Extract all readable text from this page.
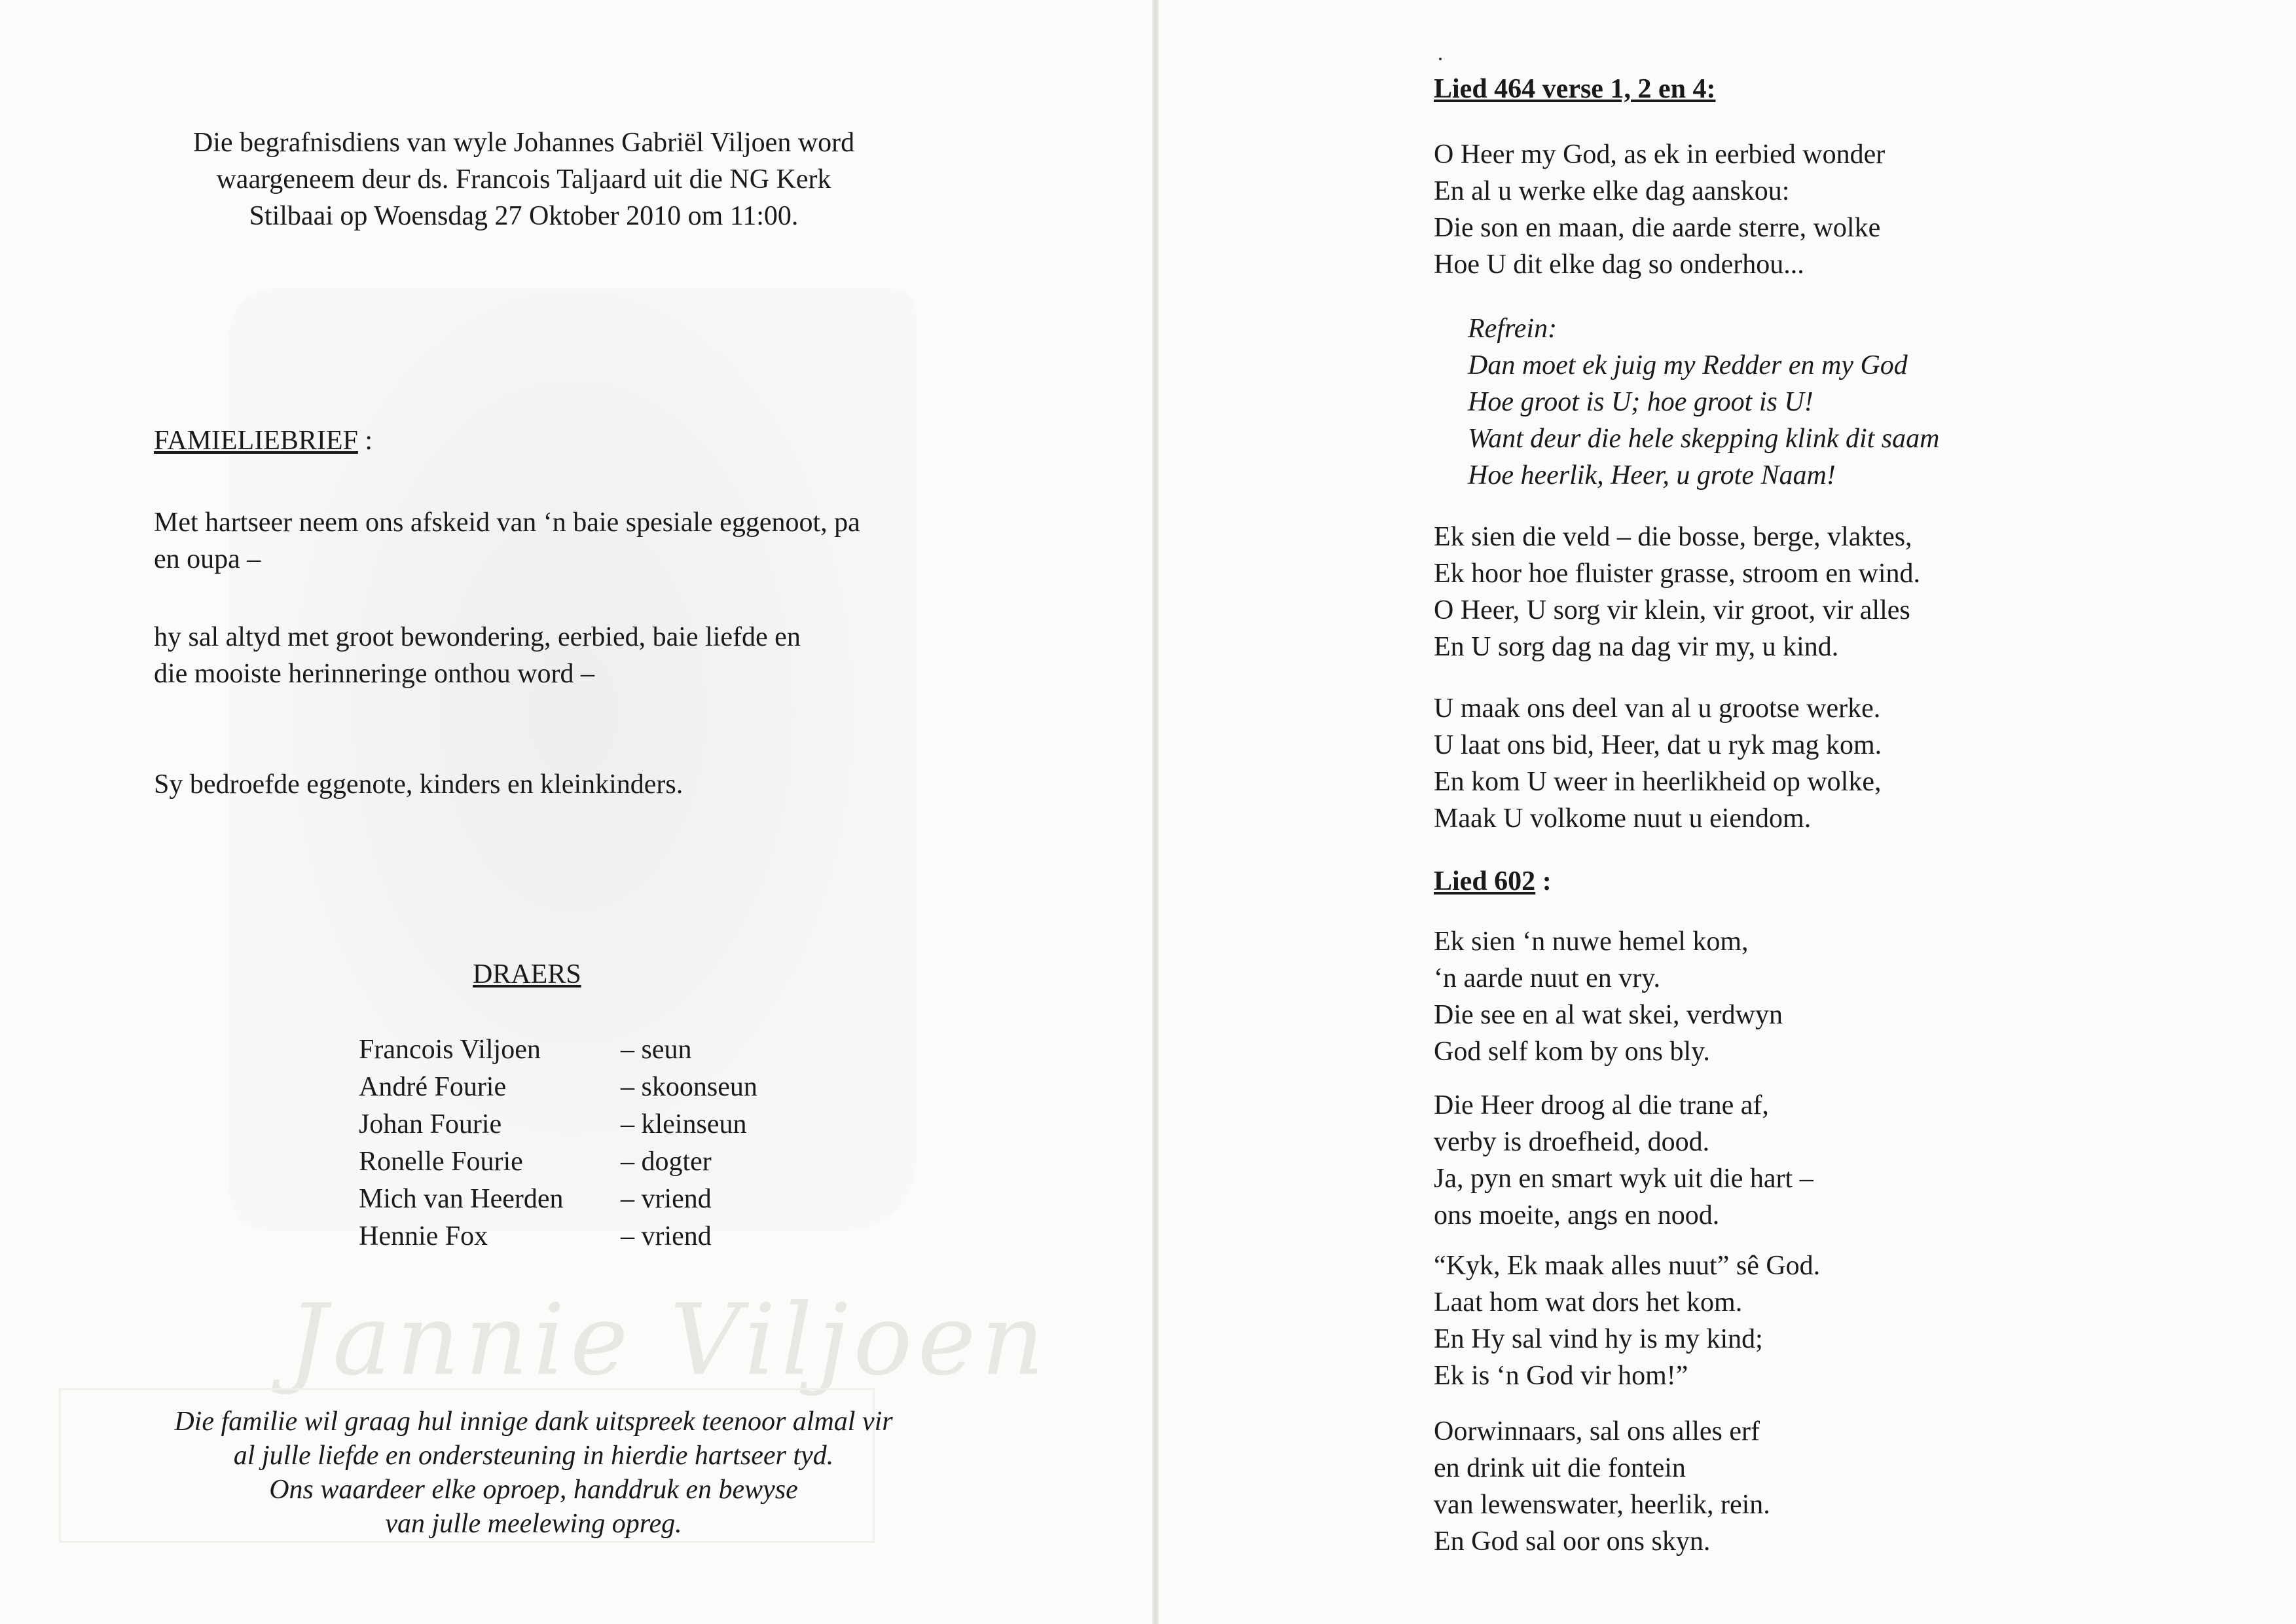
Jannie Viljoen

Die begrafnisdiens van wyle Johannes Gabriël Viljoen word
waargeneem deur ds. Francois Taljaard uit die NG Kerk
Stilbaai op Woensdag 27 Oktober 2010 om 11:00.
FAMIELIEBRIEF :
Met hartseer neem ons afskeid van ‘n baie spesiale eggenoot, pa
en oupa –
hy sal altyd met groot bewondering, eerbied, baie liefde en
die mooiste herinneringe onthou word –
Sy bedroefde eggenote, kinders en kleinkinders.
DRAERS
Francois Viljoen	– seun
André Fourie	– skoonseun
Johan Fourie	– kleinseun
Ronelle Fourie	– dogter
Mich van Heerden	– vriend
Hennie Fox	– vriend
Die familie wil graag hul innige dank uitspreek teenoor almal vir
al julle liefde en ondersteuning in hierdie hartseer tyd.
Ons waardeer elke oproep, handdruk en bewyse
van julle meelewing opreg.
Lied 464 verse 1, 2 en 4:
O Heer my God, as ek in eerbied wonder
En al u werke elke dag aanskou:
Die son en maan, die aarde sterre, wolke
Hoe U dit elke dag so onderhou...
Refrein:
Dan moet ek juig my Redder en my God
Hoe groot is U; hoe groot is U!
Want deur die hele skepping klink dit saam
Hoe heerlik, Heer, u grote Naam!
Ek sien die veld – die bosse, berge, vlaktes,
Ek hoor hoe fluister grasse, stroom en wind.
O Heer, U sorg vir klein, vir groot, vir alles
En U sorg dag na dag vir my, u kind.
U maak ons deel van al u grootse werke.
U laat ons bid, Heer, dat u ryk mag kom.
En kom U weer in heerlikheid op wolke,
Maak U volkome nuut u eiendom.
Lied 602 :
Ek sien ‘n nuwe hemel kom,
‘n aarde nuut en vry.
Die see en al wat skei, verdwyn
God self kom by ons bly.
Die Heer droog al die trane af,
verby is droefheid, dood.
Ja, pyn en smart wyk uit die hart –
ons moeite, angs en nood.
“Kyk, Ek maak alles nuut” sê God.
Laat hom wat dors het kom.
En Hy sal vind hy is my kind;
Ek is ‘n God vir hom!”
Oorwinnaars, sal ons alles erf
en drink uit die fontein
van lewenswater, heerlik, rein.
En God sal oor ons skyn.
